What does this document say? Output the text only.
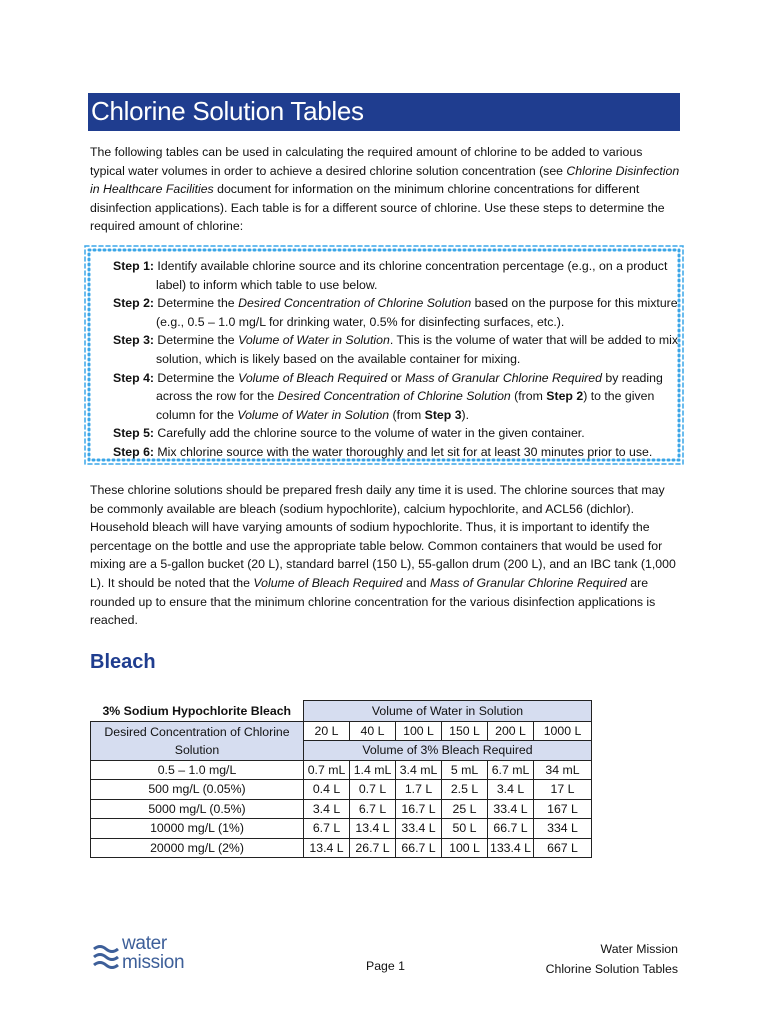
Chlorine Solution Tables

The following tables can be used in calculating the required amount of chlorine to be added to various typical water volumes in order to achieve a desired chlorine solution concentration (see Chlorine Disinfection in Healthcare Facilities document for information on the minimum chlorine concentrations for different disinfection applications). Each table is for a different source of chlorine. Use these steps to determine the required amount of chlorine:

Step 1: Identify available chlorine source and its chlorine concentration percentage (e.g., on a product label) to inform which table to use below.
Step 2: Determine the Desired Concentration of Chlorine Solution based on the purpose for this mixture (e.g., 0.5 – 1.0 mg/L for drinking water, 0.5% for disinfecting surfaces, etc.).
Step 3: Determine the Volume of Water in Solution. This is the volume of water that will be added to mix solution, which is likely based on the available container for mixing.
Step 4: Determine the Volume of Bleach Required or Mass of Granular Chlorine Required by reading across the row for the Desired Concentration of Chlorine Solution (from Step 2) to the given column for the Volume of Water in Solution (from Step 3).
Step 5: Carefully add the chlorine source to the volume of water in the given container.
Step 6: Mix chlorine source with the water thoroughly and let sit for at least 30 minutes prior to use.

These chlorine solutions should be prepared fresh daily any time it is used. The chlorine sources that may be commonly available are bleach (sodium hypochlorite), calcium hypochlorite, and ACL56 (dichlor). Household bleach will have varying amounts of sodium hypochlorite. Thus, it is important to identify the percentage on the bottle and use the appropriate table below. Common containers that would be used for mixing are a 5-gallon bucket (20 L), standard barrel (150 L), 55-gallon drum (200 L), and an IBC tank (1,000 L). It should be noted that the Volume of Bleach Required and Mass of Granular Chlorine Required are rounded up to ensure that the minimum chlorine concentration for the various disinfection applications is reached.

Bleach
3% Sodium Hypochlorite Bleach	Volume of Water in Solution					
Desired Concentration of Chlorine Solution	20 L	40 L	100 L	150 L	200 L	1000 L
	Volume of 3% Bleach Required					
0.5 – 1.0 mg/L	0.7 mL	1.4 mL	3.4 mL	5 mL	6.7 mL	34 mL
500 mg/L (0.05%)	0.4 L	0.7 L	1.7 L	2.5 L	3.4 L	17 L
5000 mg/L (0.5%)	3.4 L	6.7 L	16.7 L	25 L	33.4 L	167 L
10000 mg/L (1%)	6.7 L	13.4 L	33.4 L	50 L	66.7 L	334 L
20000 mg/L (2%)	13.4 L	26.7 L	66.7 L	100 L	133.4 L	667 L
water
mission	Page 1
Water Mission
Chlorine Solution Tables
